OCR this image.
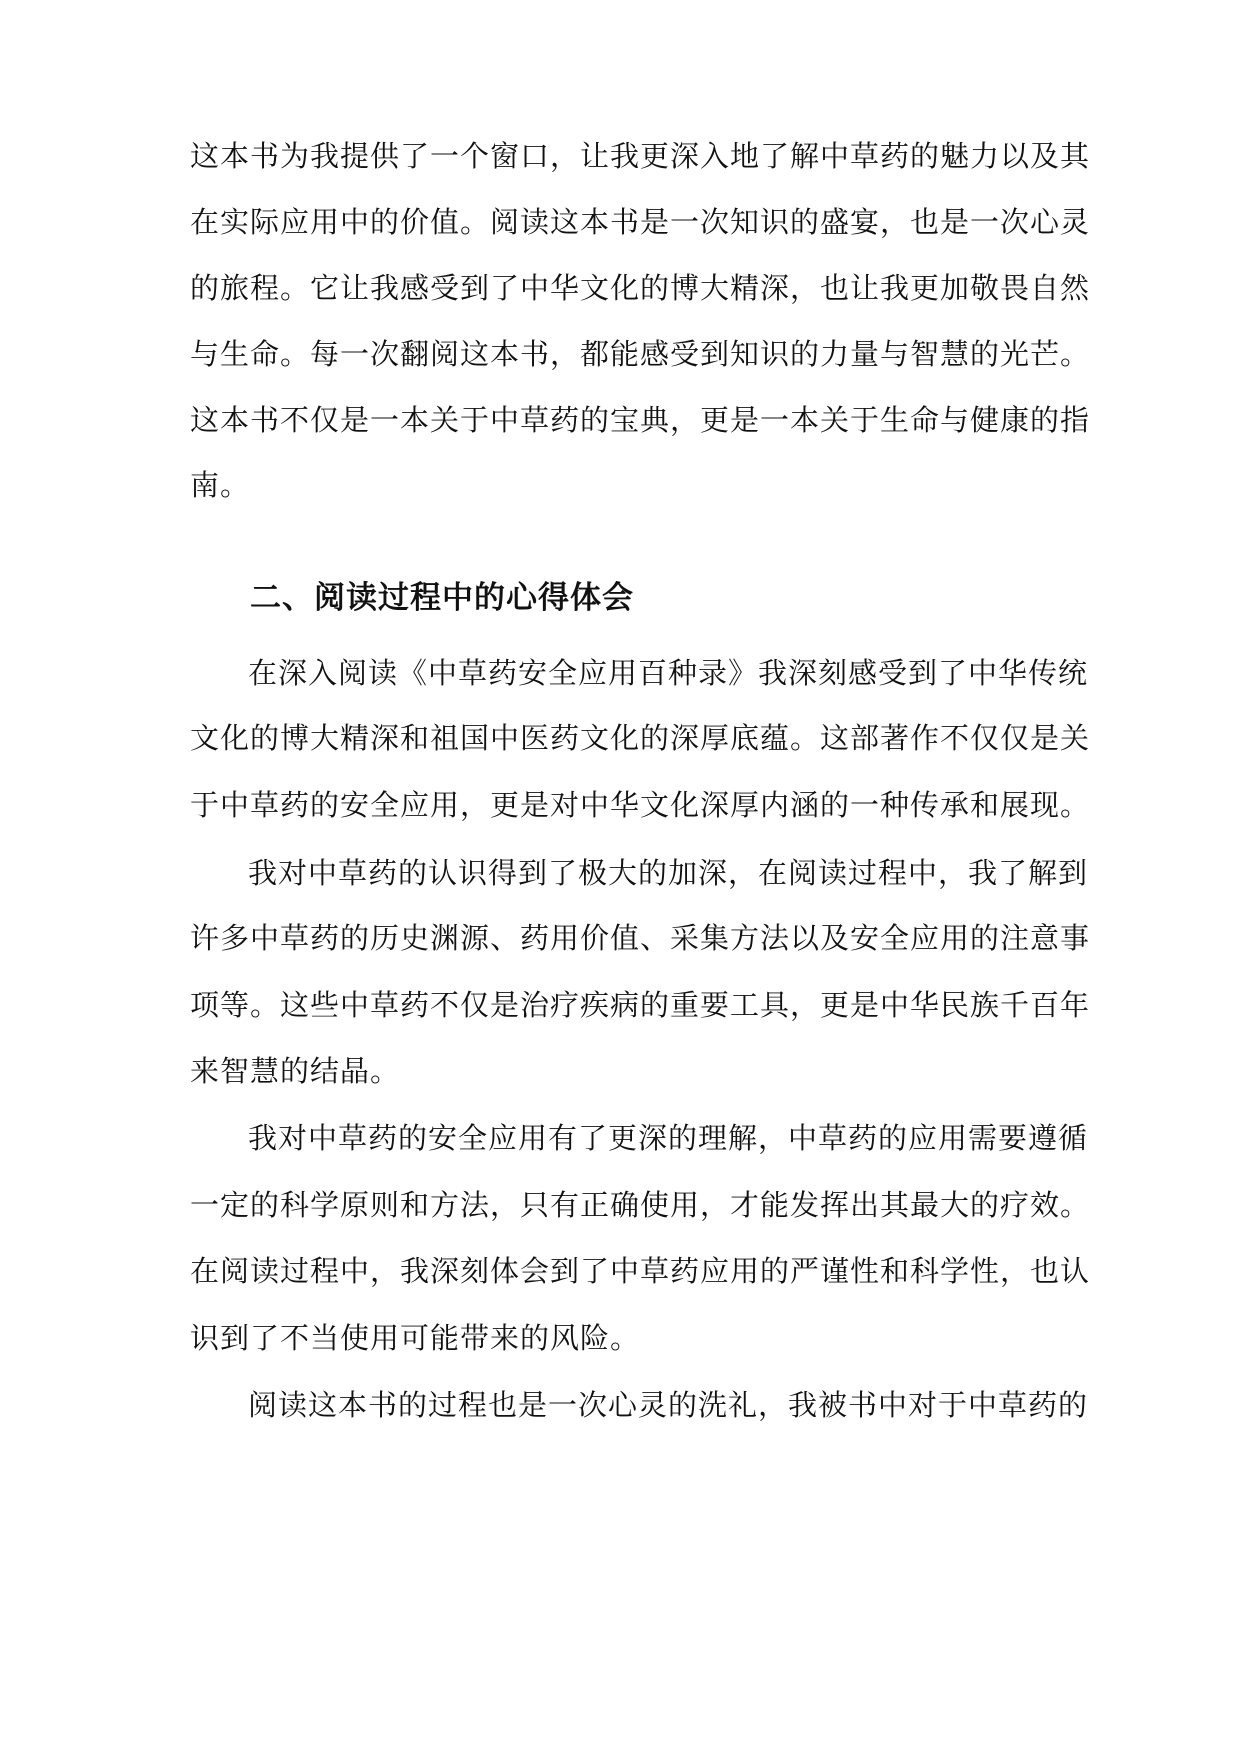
这本书为我提供了一个窗口，让我更深入地了解中草药的魅力以及其
在实际应用中的价值。阅读这本书是一次知识的盛宴，也是一次心灵
的旅程。它让我感受到了中华文化的博大精深，也让我更加敬畏自然
与生命。每一次翻阅这本书，都能感受到知识的力量与智慧的光芒。
这本书不仅是一本关于中草药的宝典，更是一本关于生命与健康的指
南。
二、阅读过程中的心得体会
在深入阅读《中草药安全应用百种录》我深刻感受到了中华传统
文化的博大精深和祖国中医药文化的深厚底蕴。这部著作不仅仅是关
于中草药的安全应用，更是对中华文化深厚内涵的一种传承和展现。
我对中草药的认识得到了极大的加深，在阅读过程中，我了解到
许多中草药的历史渊源、药用价值、采集方法以及安全应用的注意事
项等。这些中草药不仅是治疗疾病的重要工具，更是中华民族千百年
来智慧的结晶。
我对中草药的安全应用有了更深的理解，中草药的应用需要遵循
一定的科学原则和方法，只有正确使用，才能发挥出其最大的疗效。
在阅读过程中，我深刻体会到了中草药应用的严谨性和科学性，也认
识到了不当使用可能带来的风险。
阅读这本书的过程也是一次心灵的洗礼，我被书中对于中草药的
